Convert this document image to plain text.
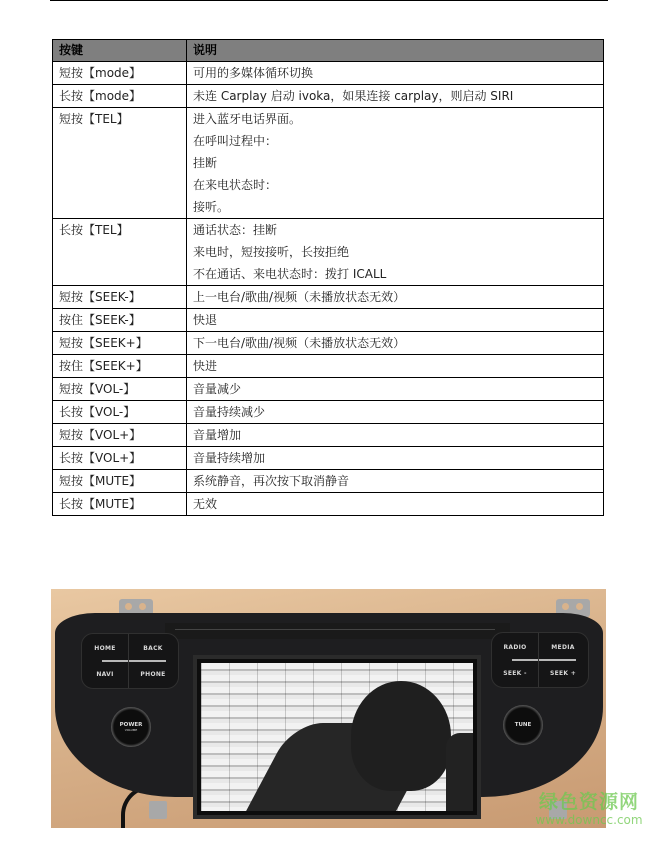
按键	说明
短按【mode】	可用的多媒体循环切换

长按【mode】	未连 Carplay 启动 ivoka，如果连接 carplay，则启动 SIRI

短按【TEL】	进入蓝牙电话界面。
在呼叫过程中：
挂断
在来电状态时：
接听。

长按【TEL】	通话状态：挂断
来电时，短按接听，长按拒绝
不在通话、来电状态时：拨打 ICALL

短按【SEEK-】	上一电台/歌曲/视频（未播放状态无效）

按住【SEEK-】	快退

短按【SEEK+】	下一电台/歌曲/视频（未播放状态无效）

按住【SEEK+】	快进

短按【VOL-】	音量减少

长按【VOL-】	音量持续减少

短按【VOL+】	音量增加

长按【VOL+】	音量持续增加

短按【MUTE】	系统静音，再次按下取消静音

长按【MUTE】	无效
HOME	BACK
NAVI	PHONE
RADIO	MEDIA
SEEK -	SEEK +
POWER
VOLUME
TUNE
绿色资源网
www.downcc.com
